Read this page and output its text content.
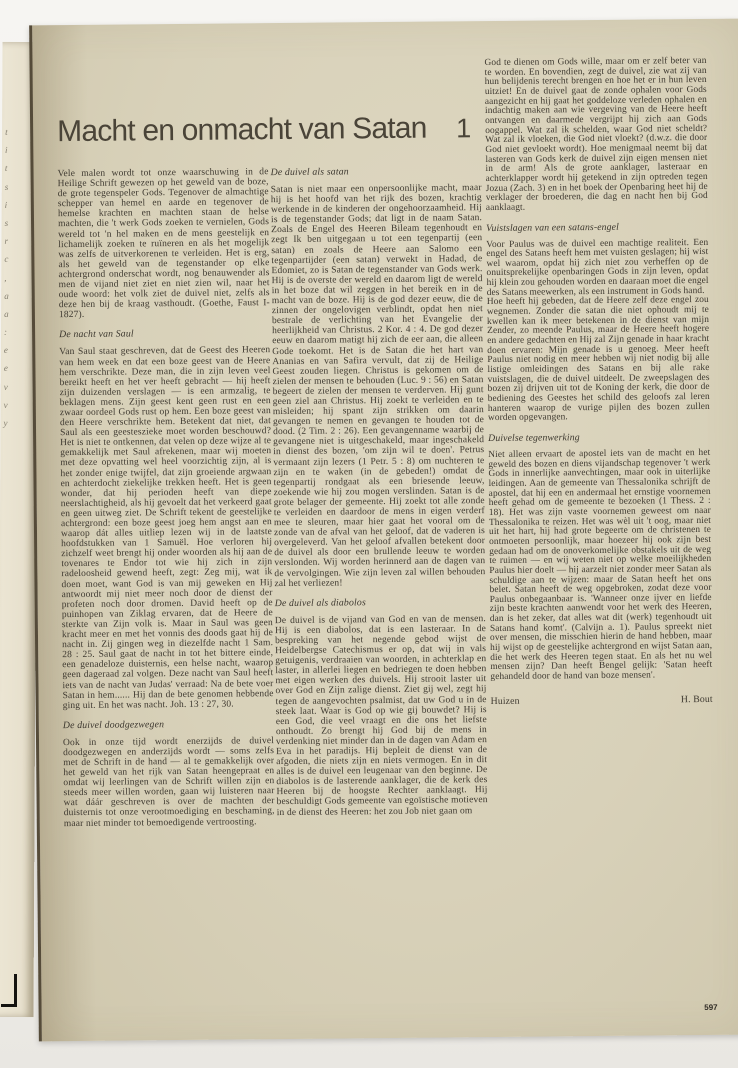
t
i
t
s
i
s
r
c
,
a
a
:
e
e
v
v
y
Macht en onmacht van Satan 1

Vele malen wordt tot onze waarschuwing in de Heilige Schrift gewezen op het geweld van de boze, de grote tegenspeler Gods. Tegenover de almachtige schepper van hemel en aarde en tegenover de hemelse krachten en machten staan de helse machten, die 't werk Gods zoeken te vernielen, Gods wereld tot 'n hel maken en de mens geestelijk en lichamelijk zoeken te ruïneren en als het mogelijk was zelfs de uitverkorenen te verleiden. Het is erg, als het geweld van de tegenstander op elke achtergrond onderschat wordt, nog benauwender als men de vijand niet ziet en niet zien wil, naar het oude woord: het volk ziet de duivel niet, zelfs als deze hen bij de kraag vasthoudt. (Goethe, Faust I-1827).

De nacht van Saul

Van Saul staat geschreven, dat de Geest des Heeren van hem week en dat een boze geest van de Heere hem verschrikte. Deze man, die in zijn leven veel bereikt heeft en het ver heeft gebracht — hij heeft zijn duizenden verslagen — is een armzalig, te beklagen mens. Zijn geest kent geen rust en een zwaar oordeel Gods rust op hem. Een boze geest van den Heere verschrikte hem. Betekent dat niet, dat Saul als een geesteszieke moet worden beschouwd? Het is niet te ontkennen, dat velen op deze wijze al te gemakkelijk met Saul afrekenen, maar wij moeten met deze opvatting wel heel voorzichtig zijn, al is het zonder enige twijfel, dat zijn groeiende argwaan en achterdocht ziekelijke trekken heeft. Het is geen wonder, dat hij perioden heeft van diepe neerslachtigheid, als hij gevoelt dat het verkeerd gaat en geen uitweg ziet. De Schrift tekent de geestelijke achtergrond: een boze geest joeg hem angst aan en waarop dát alles uitliep lezen wij in de laatste hoofdstukken van 1 Samuël. Hoe verloren hij zichzelf weet brengt hij onder woorden als hij aan de tovenares te Endor tot wie hij zich in zijn radeloosheid gewend heeft, zegt: Zeg mij, wat ik doen moet, want God is van mij geweken en Hij antwoordt mij niet meer noch door de dienst der profeten noch door dromen. David heeft op de puinhopen van Ziklag ervaren, dat de Heere de sterkte van Zijn volk is. Maar in Saul was geen kracht meer en met het vonnis des doods gaat hij de nacht in. Zij gingen weg in diezelfde nacht 1 Sam. 28 : 25. Saul gaat de nacht in tot het bittere einde, een genadeloze duisternis, een helse nacht, waarop geen dageraad zal volgen. Deze nacht van Saul heeft iets van de nacht van Judas' verraad: Na de bete voer Satan in hem...... Hij dan de bete genomen hebbende ging uit. En het was nacht. Joh. 13 : 27, 30.

De duivel doodgezwegen

Ook in onze tijd wordt enerzijds de duivel doodgezwegen en anderzijds wordt — soms zelfs met de Schrift in de hand — al te gemakkelijk over het geweld van het rijk van Satan heengepraat en omdat wij leerlingen van de Schrift willen zijn en steeds meer willen worden, gaan wij luisteren naar wat dáár geschreven is over de machten der duisternis tot onze verootmoediging en beschaming, maar niet minder tot bemoedigende vertroosting.

De duivel als satan

Satan is niet maar een onpersoonlijke macht, maar hij is het hoofd van het rijk des bozen, krachtig werkende in de kinderen der ongehoorzaamheid. Hij is de tegenstander Gods; dat ligt in de naam Satan. Zoals de Engel des Heeren Bileam tegenhoudt en zegt Ik ben uitgegaan u tot een tegenpartij (een satan) en zoals de Heere aan Salomo een tegenpartijder (een satan) verwekt in Hadad, de Edomiet, zo is Satan de tegenstander van Gods werk. Hij is de overste der wereld en daarom ligt de wereld in het boze dat wil zeggen in het bereik en in de macht van de boze. Hij is de god dezer eeuw, die de zinnen der ongelovigen verblindt, opdat hen niet bestrale de verlichting van het Evangelie der heerlijkheid van Christus. 2 Kor. 4 : 4. De god dezer eeuw en daarom matigt hij zich de eer aan, die alleen Gode toekomt. Het is de Satan die het hart van Ananias en van Safira vervult, dat zij de Heilige Geest zouden liegen. Christus is gekomen om de zielen der mensen te behouden (Luc. 9 : 56) en Satan begeert de zielen der mensen te verderven. Hij gunt geen ziel aan Christus. Hij zoekt te verleiden en te misleiden; hij spant zijn strikken om daarin gevangen te nemen en gevangen te houden tot de dood. (2 Tim. 2 : 26). Een gevangenname waarbij de gevangene niet is uitgeschakeld, maar ingeschakeld in dienst des bozen, 'om zijn wil te doen'. Petrus vermaant zijn lezers (1 Petr. 5 : 8) om nuchteren te zijn en te waken (in de gebeden!) omdat de tegenpartij rondgaat als een briesende leeuw, zoekende wie hij zou mogen verslinden. Satan is de grote belager der gemeente. Hij zoekt tot alle zonde te verleiden en daardoor de mens in eigen verderf mee te sleuren, maar hier gaat het vooral om de zonde van de afval van het geloof, dat de vaderen is overgeleverd. Van het geloof afvallen betekent door de duivel als door een brullende leeuw te worden verslonden. Wij worden herinnerd aan de dagen van de vervolgingen. Wie zijn leven zal willen behouden zal het verliezen!

De duivel als diabolos

De duivel is de vijand van God en van de mensen. Hij is een diabolos, dat is een lasteraar. In de bespreking van het negende gebod wijst de Heidelbergse Catechismus er op, dat wij in vals getuigenis, verdraaien van woorden, in achterklap en laster, in allerlei liegen en bedriegen te doen hebben met eigen werken des duivels. Hij strooit laster uit over God en Zijn zalige dienst. Ziet gij wel, zegt hij tegen de aangevochten psalmist, dat uw God u in de steek laat. Waar is God op wie gij bouwdet? Hij is een God, die veel vraagt en die ons het liefste onthoudt. Zo brengt hij God bij de mens in verdenking niet minder dan in de dagen van Adam en Eva in het paradijs. Hij bepleit de dienst van de afgoden, die niets zijn en niets vermogen. En in dit alles is de duivel een leugenaar van den beginne. De diabolos is de lasterende aanklager, die de kerk des Heeren bij de hoogste Rechter aanklaagt. Hij beschuldigt Gods gemeente van egoïstische motieven in de dienst des Heeren: het zou Job niet gaan om

God te dienen om Gods wille, maar om er zelf beter van te worden. En bovendien, zegt de duivel, zie wat zij van hun belijdenis terecht brengen en hoe het er in hun leven uitziet! En de duivel gaat de zonde ophalen voor Gods aangezicht en hij gaat het goddeloze verleden ophalen en indachtig maken aan wie vergeving van de Heere heeft ontvangen en daarmede vergrijpt hij zich aan Gods oogappel. Wat zal ik schelden, waar God niet scheldt? Wat zal ik vloeken, die God niet vloekt? (d.w.z. die door God niet gevloekt wordt). Hoe menigmaal neemt bij dat lasteren van Gods kerk de duivel zijn eigen mensen niet in de arm! Als de grote aanklager, lasteraar en achterklapper wordt hij getekend in zijn optreden tegen Jozua (Zach. 3) en in het boek der Openbaring heet hij de verklager der broederen, die dag en nacht hen bij God aanklaagt.

Vuistslagen van een satans-engel

Voor Paulus was de duivel een machtige realiteit. Een engel des Satans heeft hem met vuisten geslagen; hij wist wel waarom, opdat hij zich niet zou verheffen op de onuitsprekelijke openbaringen Gods in zijn leven, opdat hij klein zou gehouden worden en daaraan moet die engel des Satans meewerken, als een instrument in Gods hand.

Hoe heeft hij gebeden, dat de Heere zelf deze engel zou wegnemen. Zonder die satan die niet ophoudt mij te kwellen kan ik meer betekenen in de dienst van mijn Zender, zo meende Paulus, maar de Heere heeft hogere en andere gedachten en Hij zal Zijn genade in haar kracht doen ervaren: Mijn genade is u genoeg. Meer heeft Paulus niet nodig en meer hebben wij niet nodig bij alle listige omleidingen des Satans en bij alle rake vuistslagen, die de duivel uitdeelt. De zweepslagen des bozen zij drijven uit tot de Koning der kerk, die door de bediening des Geestes het schild des geloofs zal leren hanteren waarop de vurige pijlen des bozen zullen worden opgevangen.

Duivelse tegenwerking

Niet alleen ervaart de apostel iets van de macht en het geweld des bozen en diens vijandschap tegenover 't werk Gods in innerlijke aanvechtingen, maar ook in uiterlijke leidingen. Aan de gemeente van Thessalonika schrijft de apostel, dat hij een en andermaal het ernstige voornemen heeft gehad om de gemeente te bezoeken (1 Thess. 2 : 18). Het was zijn vaste voornemen geweest om naar Thessalonika te reizen. Het was wèl uit 't oog, maar niet uit het hart, hij had grote begeerte om de christenen te ontmoeten persoonlijk, maar hoezeer hij ook zijn best gedaan had om de onoverkomelijke obstakels uit de weg te ruimen — en wij weten niet op welke moeilijkheden Paulus hier doelt — hij aarzelt niet zonder meer Satan als schuldige aan te wijzen: maar de Satan heeft het ons belet. Satan heeft de weg opgebroken, zodat deze voor Paulus onbegaanbaar is. 'Wanneer onze ijver en liefde zijn beste krachten aanwendt voor het werk des Heeren, dan is het zeker, dat alles wat dit (werk) tegenhoudt uit Satans hand komt'. (Calvijn a. 1). Paulus spreekt niet over mensen, die misschien hierin de hand hebben, maar hij wijst op de geestelijke achtergrond en wijst Satan aan, die het werk des Heeren tegen staat. En als het nu wel mensen zijn? Dan heeft Bengel gelijk: 'Satan heeft gehandeld door de hand van boze mensen'.

Huizen	H. Bout
597
